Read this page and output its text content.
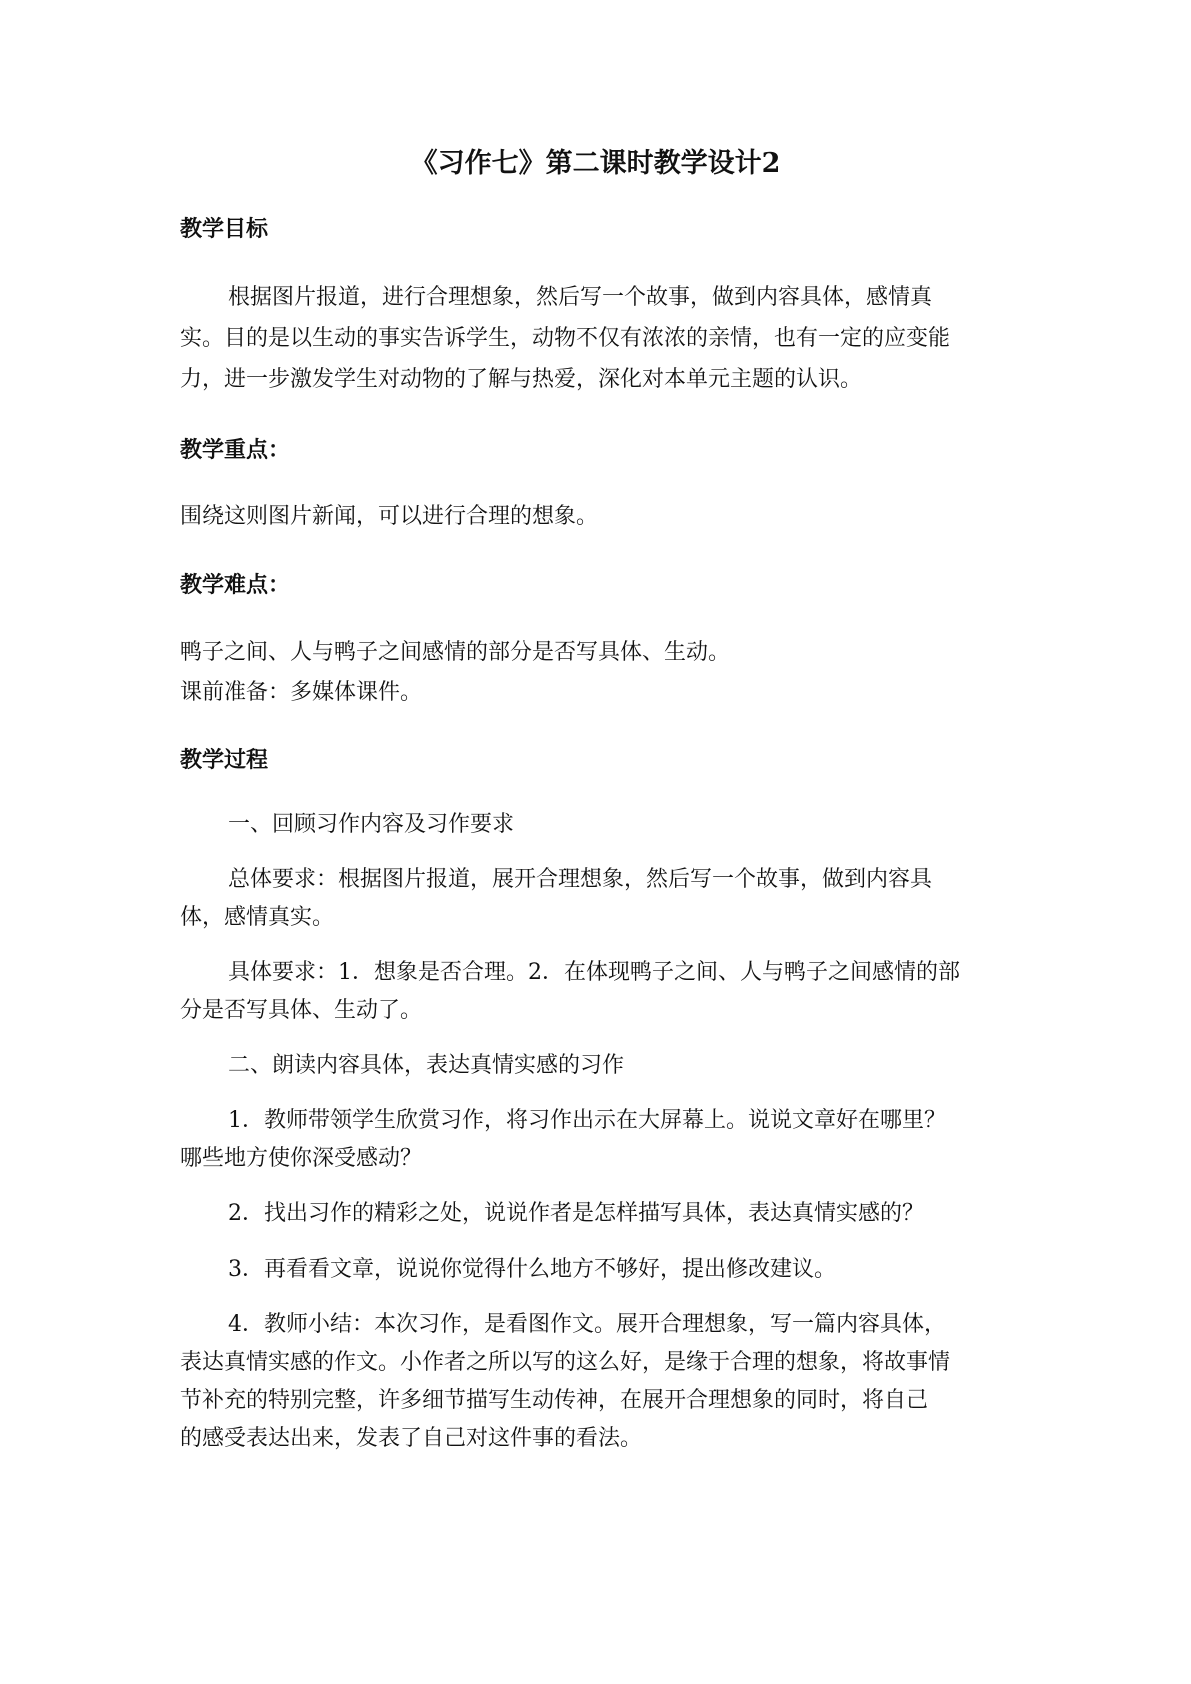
《习作七》第二课时教学设计2
教学目标
根据图片报道，进行合理想象，然后写一个故事，做到内容具体，感情真
实。目的是以生动的事实告诉学生，动物不仅有浓浓的亲情，也有一定的应变能
力，进一步激发学生对动物的了解与热爱，深化对本单元主题的认识。
教学重点：
围绕这则图片新闻，可以进行合理的想象。
教学难点：
鸭子之间、人与鸭子之间感情的部分是否写具体、生动。
课前准备：多媒体课件。
教学过程
一、回顾习作内容及习作要求
总体要求：根据图片报道，展开合理想象，然后写一个故事，做到内容具
体，感情真实。
具体要求：1．想象是否合理。2．在体现鸭子之间、人与鸭子之间感情的部
分是否写具体、生动了。
二、朗读内容具体，表达真情实感的习作
1．教师带领学生欣赏习作，将习作出示在大屏幕上。说说文章好在哪里？
哪些地方使你深受感动？
2．找出习作的精彩之处，说说作者是怎样描写具体，表达真情实感的？
3．再看看文章，说说你觉得什么地方不够好，提出修改建议。
4．教师小结：本次习作，是看图作文。展开合理想象，写一篇内容具体，
表达真情实感的作文。小作者之所以写的这么好，是缘于合理的想象，将故事情
节补充的特别完整，许多细节描写生动传神，在展开合理想象的同时，将自己
的感受表达出来，发表了自己对这件事的看法。
